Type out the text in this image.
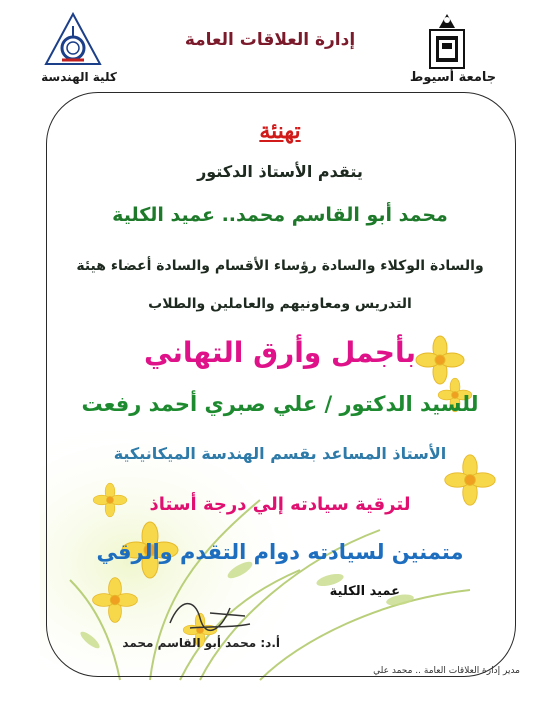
جامعة أسيوط
كلية الهندسة
إدارة العلاقات العامة
تهنئة
يتقدم الأستاذ الدكتور
محمد أبو القاسم محمد.. عميد الكلية
والسادة الوكلاء والسادة رؤساء الأقسام والسادة أعضاء هيئة
التدريس ومعاونيهم والعاملين والطلاب
بأجمل وأرق التهاني
للسيد الدكتور / علي صبري أحمد رفعت
الأستاذ المساعد بقسم الهندسة الميكانيكية
لترقية سيادته إلي درجة أستاذ
متمنين لسيادته دوام التقدم والرقي
عميد الكلية
أ.د: محمد أبو القاسم محمد
مدير إدارة العلاقات العامة .. محمد علي
